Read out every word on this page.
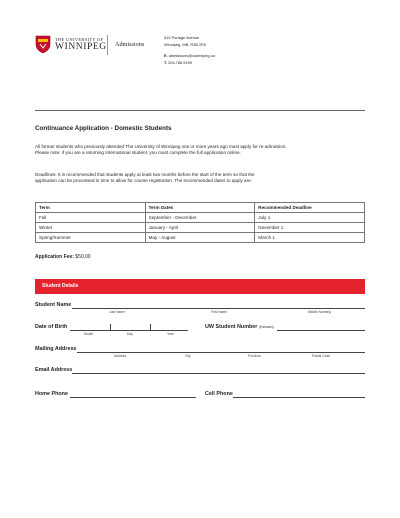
THE UNIVERSITY OF
WINNIPEG Admissions
515 Portage Avenue
Winnipeg, MB, R3B 2E9
E. admissions@uwinnipeg.ca
T. 204.786.9159
Continuance Application - Domestic Students
All former students who previously attended The University of Winnipeg one or more years ago must apply for re-admission.
Please note: if you are a returning International student, you must complete the full application online.
Deadlines: It is recommended that students apply at least two months before the start of the term so that the
application can be processed in time to allow for course registration. The recommended dates to apply are:
Term	Term Dates	Recommended Deadline
Fall	September - December	July 1
Winter	January - April	November 1
Spring/Summer	May - August	March 1
Application Fee: $50.00
Student Details
Student Name
Last Name	First Name	Middle Name(s)
Date of Birth
Month	Day	Year
UW Student Number (if known)
Mailing Address
Address	City	Province	Postal Code
Email Address
Home Phone	Cell Phone
